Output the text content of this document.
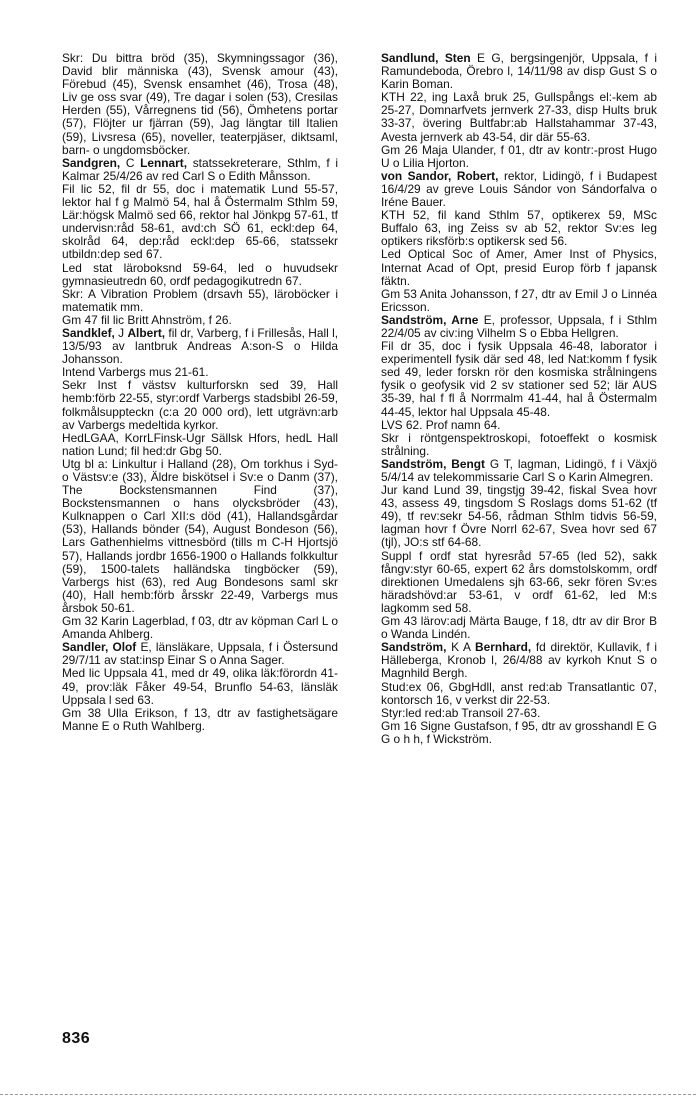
Skr: Du bittra bröd (35), Skymningssagor (36), David blir människa (43), Svensk amour (43), Förebud (45), Svensk ensamhet (46), Trosa (48), Liv ge oss svar (49), Tre dagar i solen (53), Cresilas Herden (55), Vårregnens tid (56), Ömhetens portar (57), Flöjter ur fjärran (59), Jag längtar till Italien (59), Livsresa (65), noveller, teaterpjäser, diktsaml, barn- o ungdomsböcker.

Sandgren, C Lennart, statssekreterare, Sthlm, f i Kalmar 25/4/26 av red Carl S o Edith Månsson.

Fil lic 52, fil dr 55, doc i matematik Lund 55-57, lektor hal f g Malmö 54, hal å Östermalm Sthlm 59, Lär:högsk Malmö sed 66, rektor hal Jönkpg 57-61, tf undervisn:råd 58-61, avd:ch SÖ 61, eckl:dep 64, skolråd 64, dep:råd eckl:dep 65-66, statssekr utbildn:dep sed 67.

Led stat läroboksnd 59-64, led o huvudsekr gymnasieutredn 60, ordf pedagogikutredn 67.

Skr: A Vibration Problem (drsavh 55), läroböcker i matematik mm.

Gm 47 fil lic Britt Ahnström, f 26.

Sandklef, J Albert, fil dr, Varberg, f i Frillesås, Hall l, 13/5/93 av lantbruk Andreas A:son-S o Hilda Johansson.

Intend Varbergs mus 21-61.

Sekr Inst f västsv kulturforskn sed 39, Hall hemb:förb 22-55, styr:ordf Varbergs stadsbibl 26-59, folkmålsuppteckn (c:a 20 000 ord), lett utgrävn:arb av Varbergs medeltida kyrkor.

HedLGAA, KorrLFinsk-Ugr Sällsk Hfors, hedL Hall nation Lund; fil hed:dr Gbg 50.

Utg bl a: Linkultur i Halland (28), Om torkhus i Syd- o Västsv:e (33), Äldre biskötsel i Sv:e o Danm (37), The Bockstensmannen Find (37), Bockstensmannen o hans olycksbröder (43), Kulknappen o Carl XII:s död (41), Hallandsgårdar (53), Hallands bönder (54), August Bondeson (56), Lars Gathenhielms vittnesbörd (tills m C-H Hjortsjö 57), Hallands jordbr 1656-1900 o Hallands folkkultur (59), 1500-talets halländska tingböcker (59), Varbergs hist (63), red Aug Bondesons saml skr (40), Hall hemb:förb årsskr 22-49, Varbergs mus årsbok 50-61.

Gm 32 Karin Lagerblad, f 03, dtr av köpman Carl L o Amanda Ahlberg.

Sandler, Olof E, länsläkare, Uppsala, f i Östersund 29/7/11 av stat:insp Einar S o Anna Sager.

Med lic Uppsala 41, med dr 49, olika läk:förordn 41-49, prov:läk Fåker 49-54, Brunflo 54-63, länsläk Uppsala l sed 63.

Gm 38 Ulla Erikson, f 13, dtr av fastighetsägare Manne E o Ruth Wahlberg.

Sandlund, Sten E G, bergsingenjör, Uppsala, f i Ramundeboda, Örebro l, 14/11/98 av disp Gust S o Karin Boman.

KTH 22, ing Laxå bruk 25, Gullspångs el:-kem ab 25-27, Domnarfvets jernverk 27-33, disp Hults bruk 33-37, övering Bultfabr:ab Hallstahammar 37-43, Avesta jernverk ab 43-54, dir där 55-63.

Gm 26 Maja Ulander, f 01, dtr av kontr:-prost Hugo U o Lilia Hjorton.

von Sandor, Robert, rektor, Lidingö, f i Budapest 16/4/29 av greve Louis Sándor von Sándorfalva o Iréne Bauer.

KTH 52, fil kand Sthlm 57, optikerex 59, MSc Buffalo 63, ing Zeiss sv ab 52, rektor Sv:es leg optikers riksförb:s optikersk sed 56.

Led Optical Soc of Amer, Amer Inst of Physics, Internat Acad of Opt, presid Europ förb f japansk fäktn.

Gm 53 Anita Johansson, f 27, dtr av Emil J o Linnéa Ericsson.

Sandström, Arne E, professor, Uppsala, f i Sthlm 22/4/05 av civ:ing Vilhelm S o Ebba Hellgren.

Fil dr 35, doc i fysik Uppsala 46-48, laborator i experimentell fysik där sed 48, led Nat:komm f fysik sed 49, leder forskn rör den kosmiska strålningens fysik o geofysik vid 2 sv stationer sed 52; lär AUS 35-39, hal f fl å Norrmalm 41-44, hal å Östermalm 44-45, lektor hal Uppsala 45-48.

LVS 62. Prof namn 64.

Skr i röntgenspektroskopi, fotoeffekt o kosmisk strålning.

Sandström, Bengt G T, lagman, Lidingö, f i Växjö 5/4/14 av telekommissarie Carl S o Karin Almegren.

Jur kand Lund 39, tingstjg 39-42, fiskal Svea hovr 43, assess 49, tingsdom S Roslags doms 51-62 (tf 49), tf rev:sekr 54-56, rådman Sthlm tidvis 56-59, lagman hovr f Övre Norrl 62-67, Svea hovr sed 67 (tjl), JO:s stf 64-68.

Suppl f ordf stat hyresråd 57-65 (led 52), sakk fångv:styr 60-65, expert 62 års domstolskomm, ordf direktionen Umedalens sjh 63-66, sekr fören Sv:es häradshövd:ar 53-61, v ordf 61-62, led M:s lagkomm sed 58.

Gm 43 lärov:adj Märta Bauge, f 18, dtr av dir Bror B o Wanda Lindén.

Sandström, K A Bernhard, fd direktör, Kullavik, f i Hälleberga, Kronob l, 26/4/88 av kyrkoh Knut S o Magnhild Bergh.

Stud:ex 06, GbgHdll, anst red:ab Transatlantic 07, kontorsch 16, v verkst dir 22-53.

Styr:led red:ab Transoil 27-63.

Gm 16 Signe Gustafson, f 95, dtr av grosshandl E G G o h h, f Wickström.

836
